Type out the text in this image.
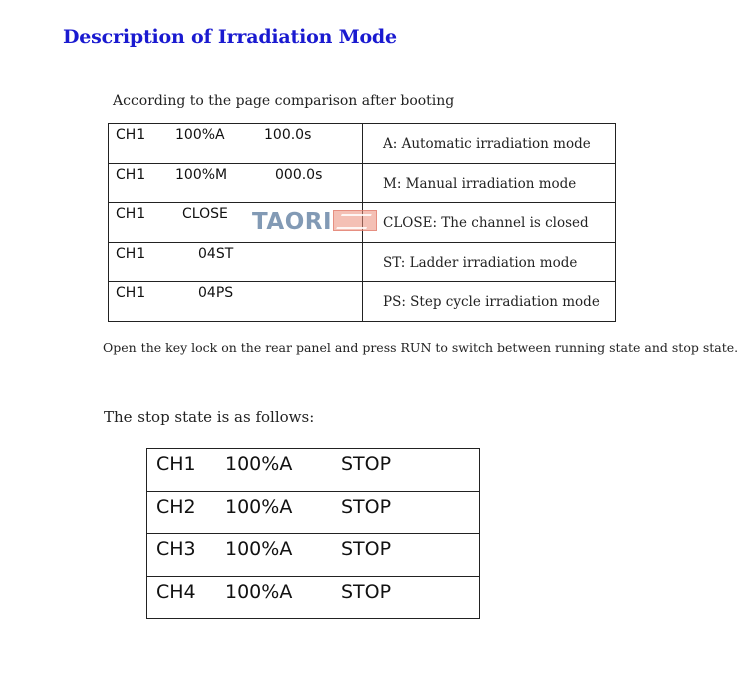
Description of Irradiation Mode
According to the page comparison after booting
CH1 100%A 100.0s	A: Automatic irradiation mode

CH1 100%M 000.0s	M: Manual irradiation mode

CH1 CLOSE	CLOSE: The channel is closed

CH1 04ST	ST: Ladder irradiation mode

CH1 04PS	PS: Step cycle irradiation mode
TAORI
Open the key lock on the rear panel and press RUN to switch between running state and stop state.
The stop state is as follows:
CH1	100%A	STOP

CH2	100%A	STOP

CH3	100%A	STOP

CH4	100%A	STOP
